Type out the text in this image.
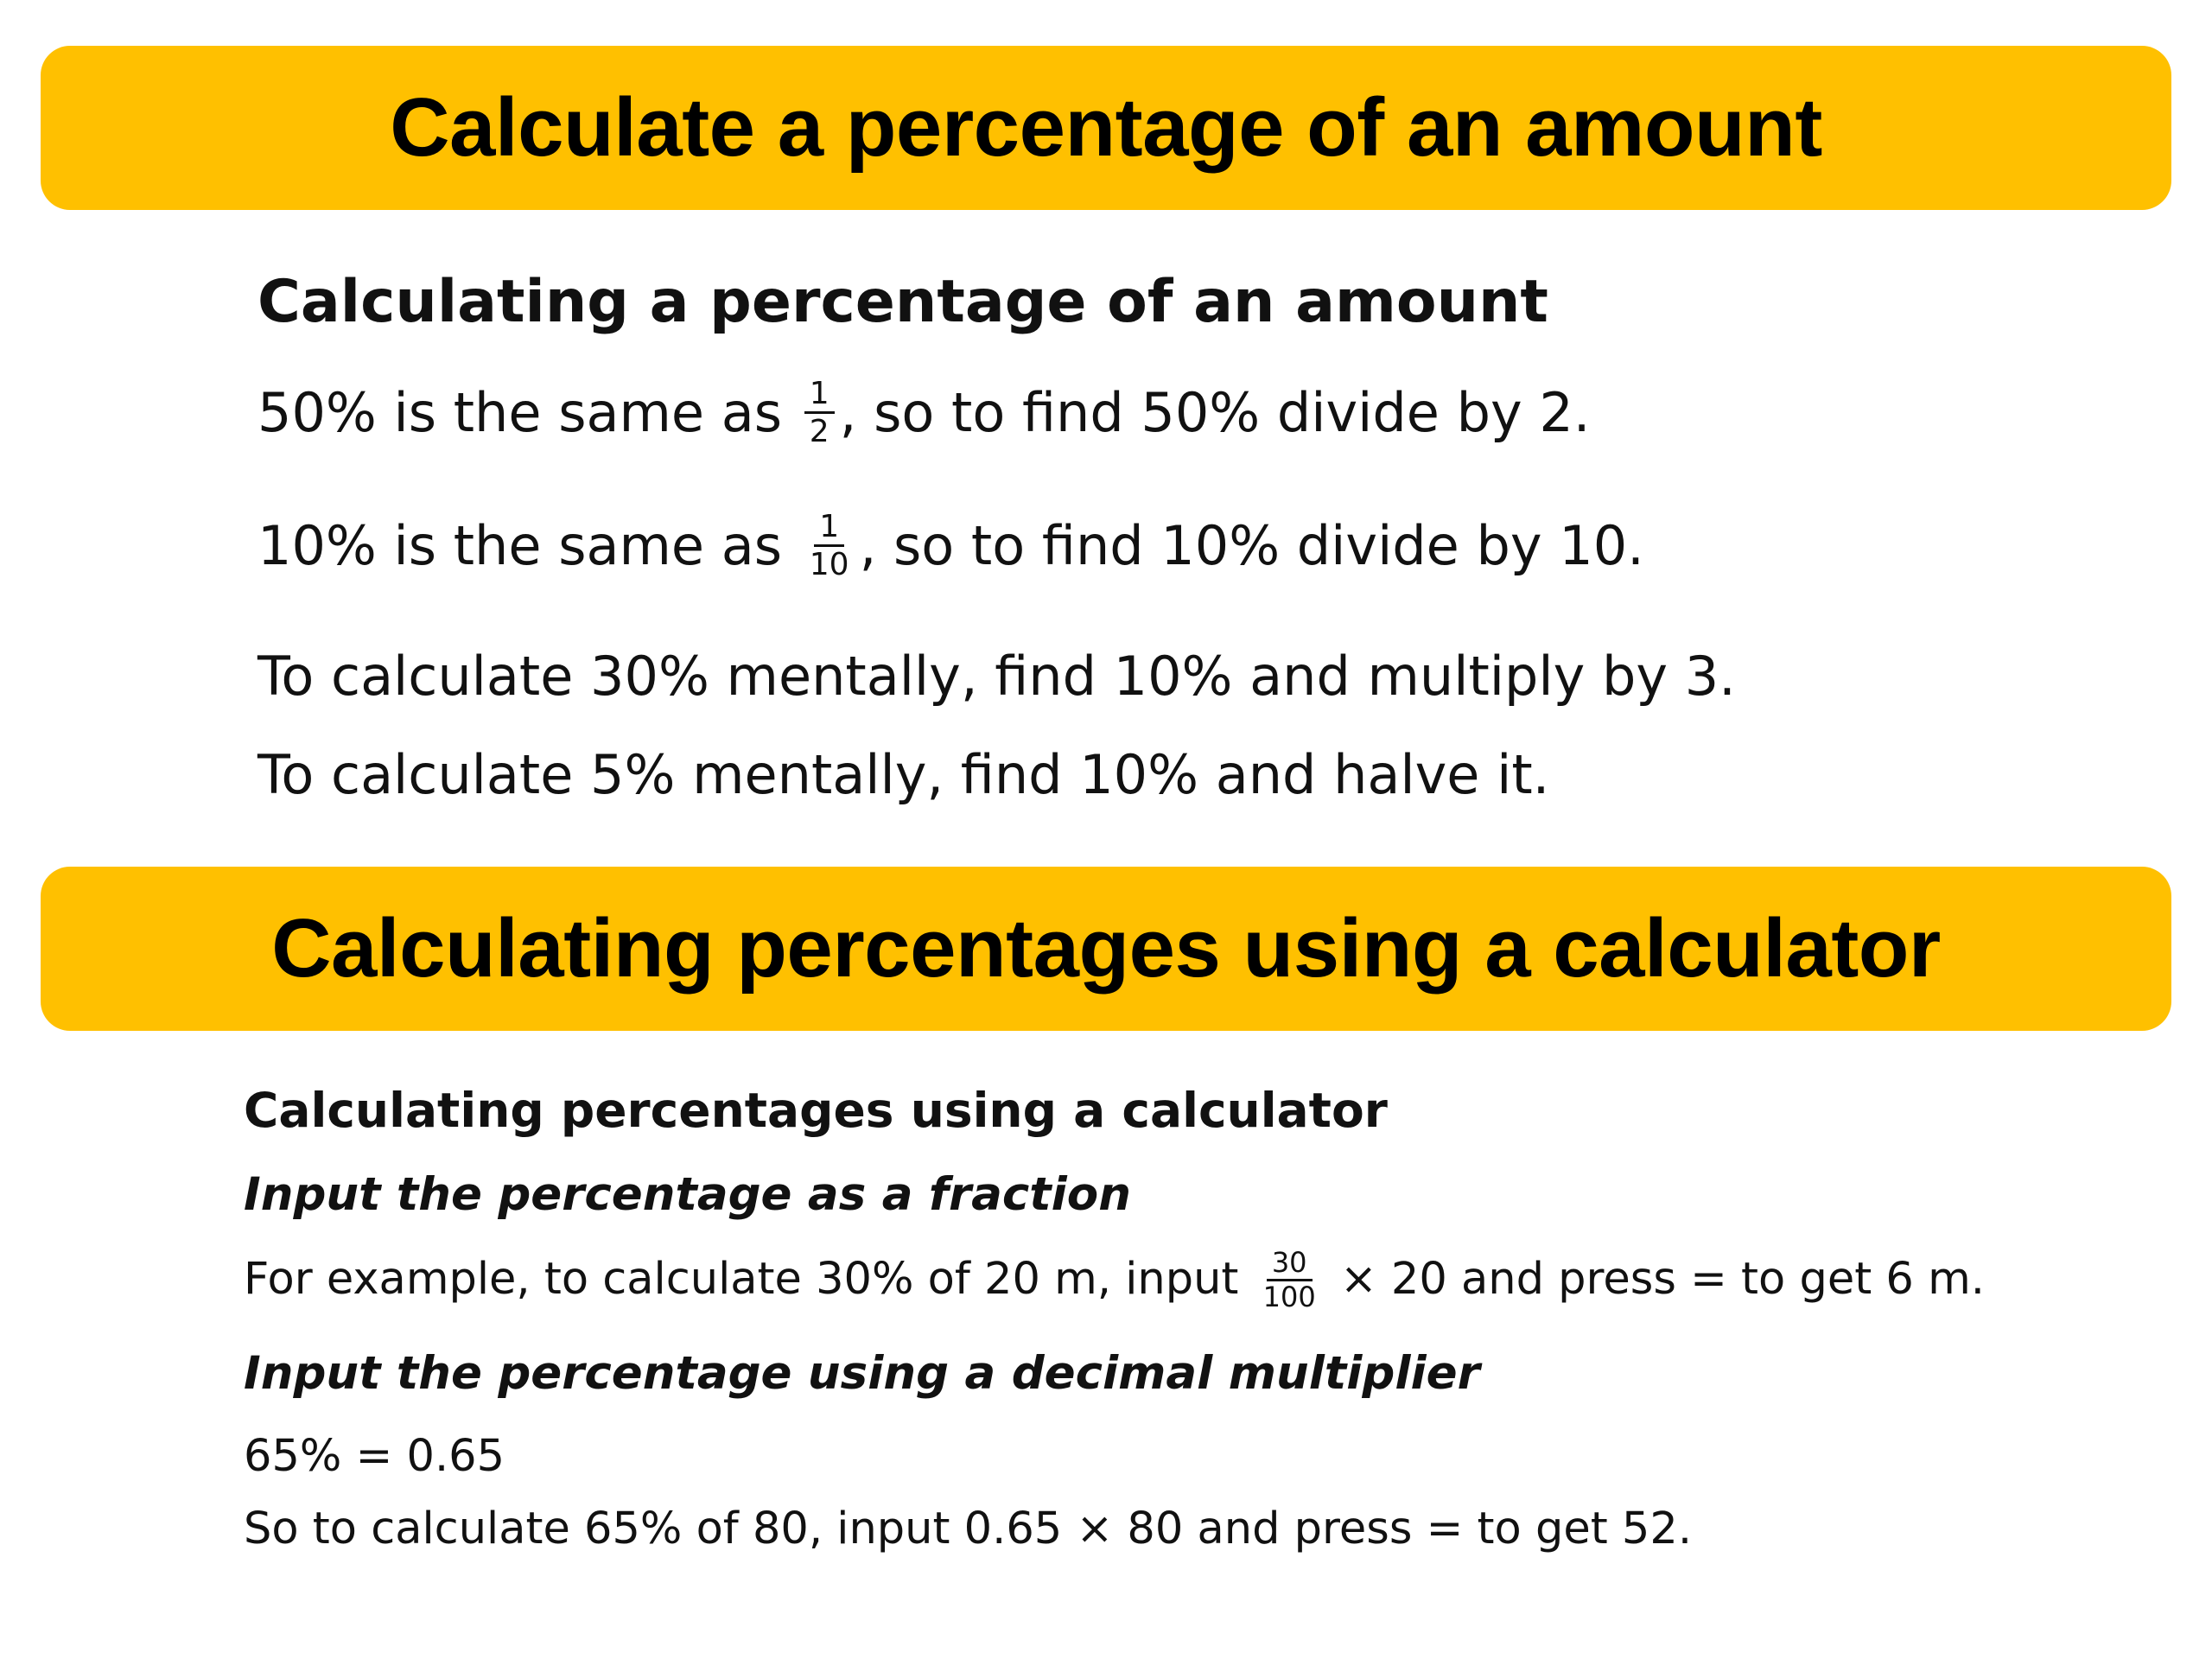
Calculate a percentage of an amount
Calculating a percentage of an amount
50% is the same as
$\frac{1}{2}$ , so to find 50% divide by 2.
10% is the same as
$\frac{1}{10}$ , so to find 10% divide by 10.
To calculate 30% mentally, find 10% and multiply by 3.
To calculate 5% mentally, find 10% and halve it.
Calculating percentages using a calculator
Calculating percentages using a calculator
Input the percentage as a fraction
For example, to calculate 30% of 20 m, input
$\frac{30}{100}$
× 20 and press = to get 6 m.
Input the percentage using a decimal multiplier
65% = 0.65
So to calculate 65% of 80, input 0.65 × 80 and press = to get 52.
